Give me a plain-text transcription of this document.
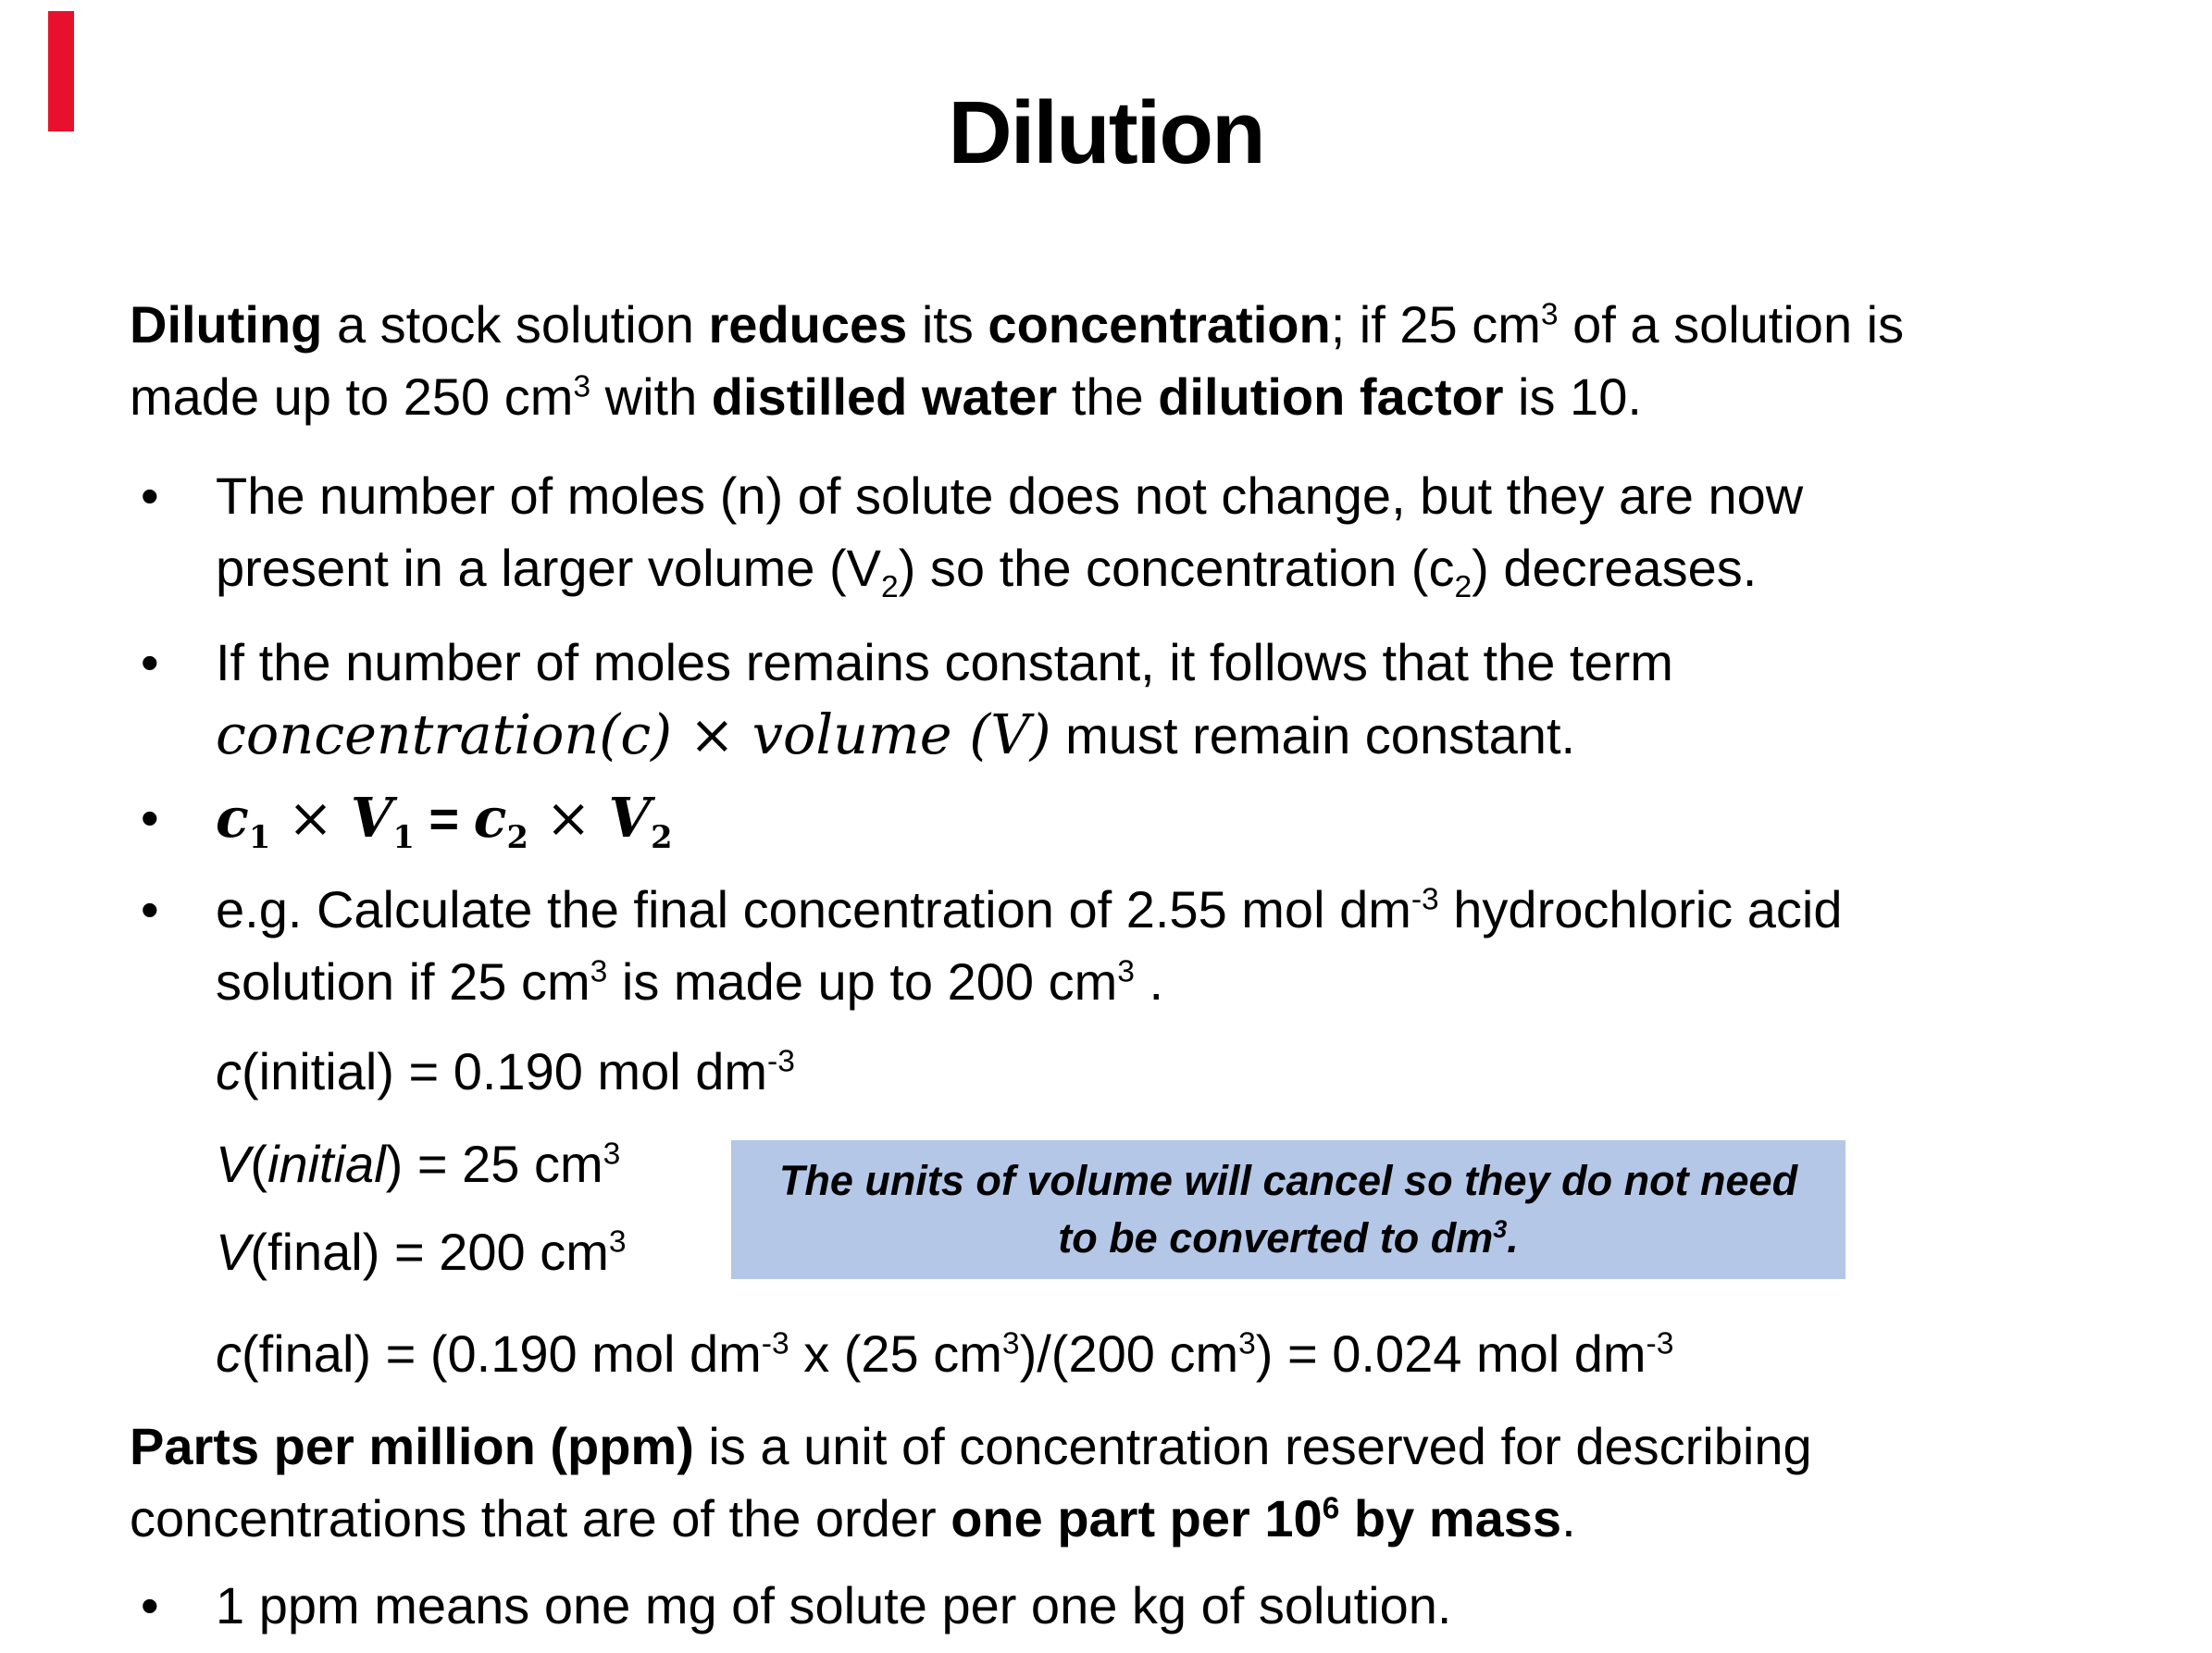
Dilution
Diluting a stock solution reduces its concentration; if 25 $cm^3$ of a solution is
made up to 250 $cm^3$ with distilled water the dilution factor is 10.
• The number of moles (n) of solute does not change, but they are now
present in a larger volume $(V_2)$ so the concentration $(c_2)$ decreases.
• If the number of moles remains constant, it follows that the term
concentration(c) × volume (V) must remain constant.
• $c_1 \times V_1 = c_2 \times V_2$
• e.g. Calculate the final concentration of 2.55 mol $dm^{-3}$ hydrochloric acid
solution if 25 $cm^3$ is made up to 200 $cm^3$ .
c(initial) = 0.190 mol $dm^{-3}$
V(initial) = 25 $cm^3$
V(final) = 200 $cm^3$
c(final) = (0.190 mol $dm^{-3}$ x (25 $cm^3)/(200$ $cm^3) = 0.024$ mol $dm^{-3}$
Parts per million (ppm) is a unit of concentration reserved for describing
concentrations that are of the order one part per $10^6$ by mass.
• 1 ppm means one mg of solute per one kg of solution.
The units of volume will cancel so they do not need
to be converted to $dm^3$.
